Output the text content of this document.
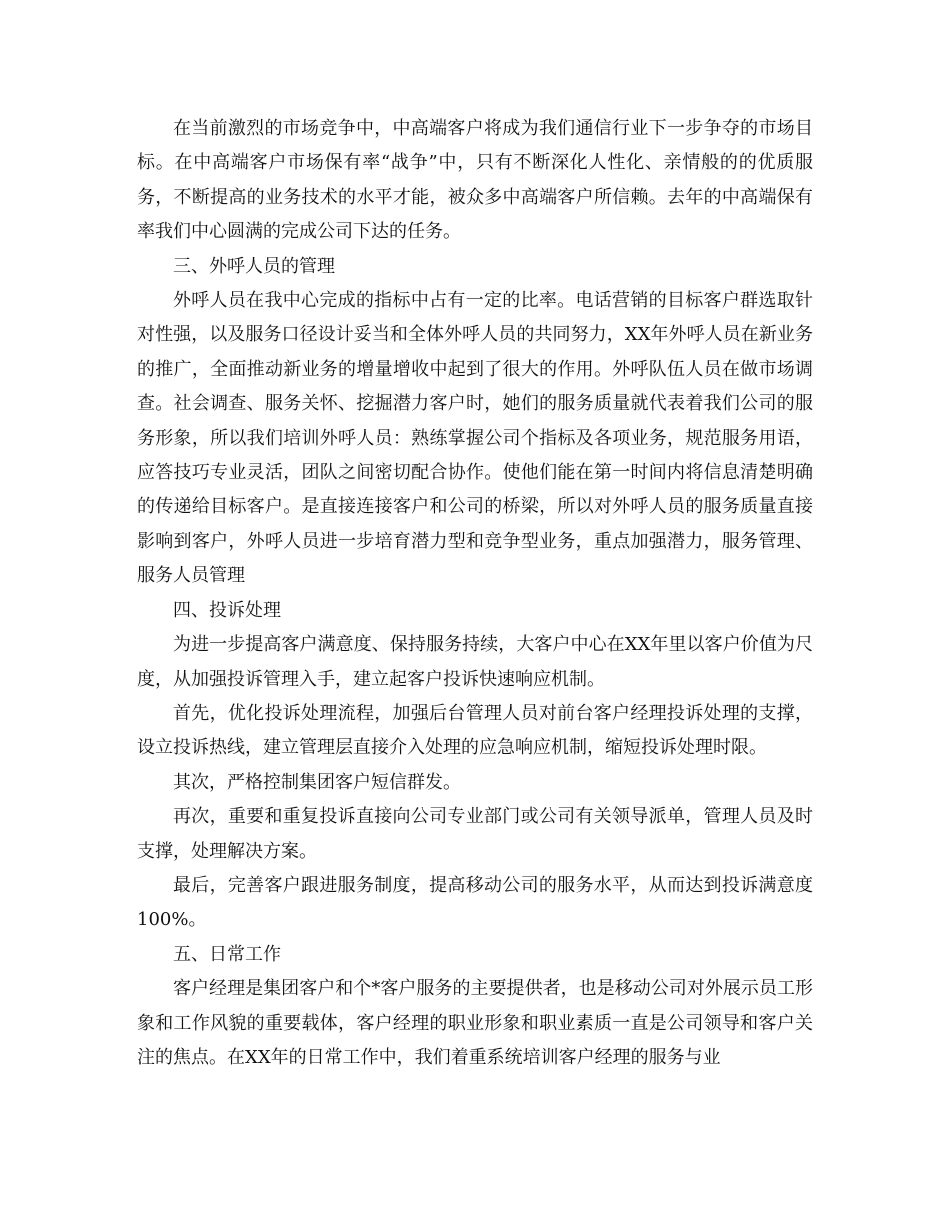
在当前激烈的市场竞争中，中高端客户将成为我们通信行业下一步争夺的市场目标。在中高端客户市场保有率“战争”中，只有不断深化人性化、亲情般的的优质服务，不断提高的业务技术的水平才能，被众多中高端客户所信赖。去年的中高端保有率我们中心圆满的完成公司下达的任务。

三、外呼人员的管理

外呼人员在我中心完成的指标中占有一定的比率。电话营销的目标客户群选取针对性强，以及服务口径设计妥当和全体外呼人员的共同努力，XX年外呼人员在新业务的推广，全面推动新业务的增量增收中起到了很大的作用。外呼队伍人员在做市场调查。社会调查、服务关怀、挖掘潜力客户时，她们的服务质量就代表着我们公司的服务形象，所以我们培训外呼人员：熟练掌握公司个指标及各项业务，规范服务用语，应答技巧专业灵活，团队之间密切配合协作。使他们能在第一时间内将信息清楚明确的传递给目标客户。是直接连接客户和公司的桥梁，所以对外呼人员的服务质量直接影响到客户，外呼人员进一步培育潜力型和竞争型业务，重点加强潜力，服务管理、服务人员管理

四、投诉处理

为进一步提高客户满意度、保持服务持续，大客户中心在XX年里以客户价值为尺度，从加强投诉管理入手，建立起客户投诉快速响应机制。

首先，优化投诉处理流程，加强后台管理人员对前台客户经理投诉处理的支撑，设立投诉热线，建立管理层直接介入处理的应急响应机制，缩短投诉处理时限。

其次，严格控制集团客户短信群发。

再次，重要和重复投诉直接向公司专业部门或公司有关领导派单，管理人员及时支撑，处理解决方案。

最后，完善客户跟进服务制度，提高移动公司的服务水平，从而达到投诉满意度100%。

五、日常工作

客户经理是集团客户和个*客户服务的主要提供者，也是移动公司对外展示员工形象和工作风貌的重要载体，客户经理的职业形象和职业素质一直是公司领导和客户关注的焦点。在XX年的日常工作中，我们着重系统培训客户经理的服务与业
